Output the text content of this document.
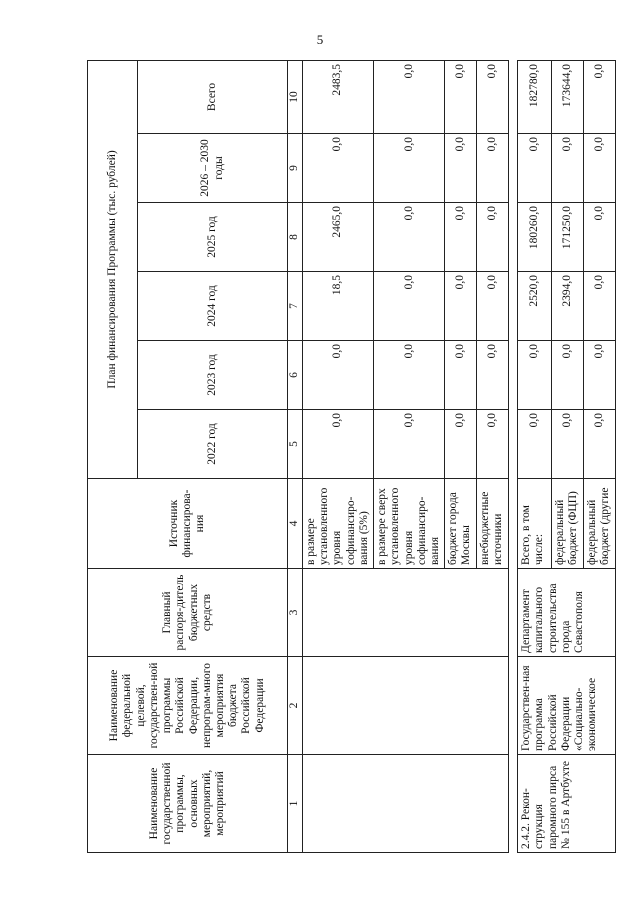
5
Наименование государственной программы, основных мероприятий, мероприятий	Наименование федеральной целевой, государствен-ной программы Российской Федерации, непрограм-много мероприятия бюджета Российской Федерации	Главный распоря-дитель бюджетных средств	Источник финансирова-ния	План финансирования Программы (тыс. рублей)					
				2022 год	2023 год	2024 год	2025 год	2026 – 2030 годы	Всего
1	2	3	4	5	6	7	8	9	10
			в размере установленного уровня софинансиро-вания (5%)	0,0	0,0	18,5	2465,0	0,0	2483,5
			в размере сверх установленного уровня софинансиро-вания	0,0	0,0	0,0	0,0	0,0	0,0
			бюджет города Москвы	0,0	0,0	0,0	0,0	0,0	0,0
			внебюджетные источники	0,0	0,0	0,0	0,0	0,0	0,0

2.4.2. Рекон-струкция паромного пирса № 155 в Артбухте	Государствен-ная программа Российской Федерации «Социально-экономическое	Департамент капитального строительства города Севастополя	Всего, в том числе:	0,0	0,0	2520,0	180260,0	0,0	182780,0
			федеральный бюджет (ФЦП)	0,0	0,0	2394,0	171250,0	0,0	173644,0
			федеральный бюджет (другие	0,0	0,0	0,0	0,0	0,0	0,0
